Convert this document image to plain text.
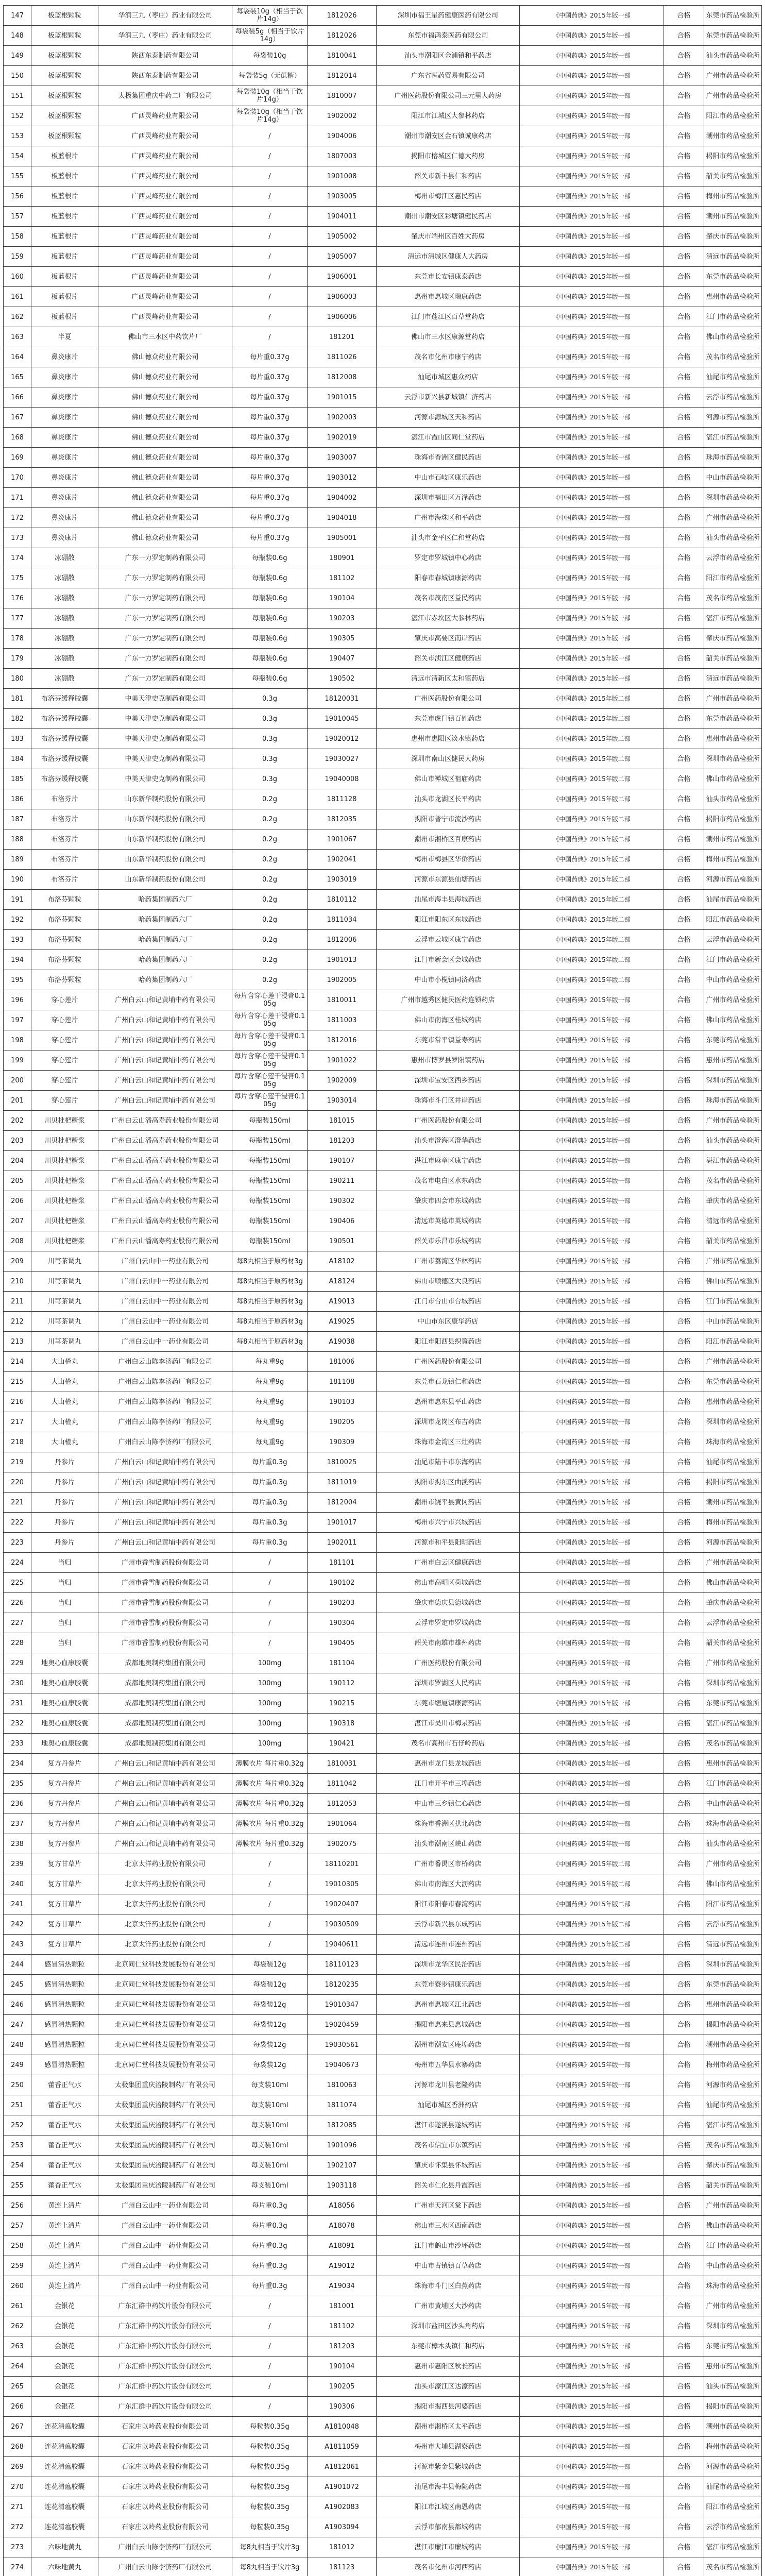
147	板蓝根颗粒	华润三九（枣庄）药业有限公司	每袋装10g（相当于饮片14g）	1812026	深圳市福王星药健康医药有限公司	《中国药典》2015年版一部	合格	东莞市药品检验所
148	板蓝根颗粒	华润三九（枣庄）药业有限公司	每袋装5g（相当于饮片14g）	1812026	东莞市福鸿泰医药有限公司	《中国药典》2015年版一部	合格	东莞市药品检验所
149	板蓝根颗粒	陕西东泰制药有限公司	每袋装10g	1810041	汕头市潮阳区金浦镇和平药店	《中国药典》2015年版一部	合格	汕头市药品检验所
150	板蓝根颗粒	陕西东泰制药有限公司	每袋装5g（无蔗糖）	1812014	广东省医药贸易有限公司	《中国药典》2015年版一部	合格	广州市药品检验所
151	板蓝根颗粒	太极集团重庆中药二厂有限公司	每袋装10g（相当于饮片14g）	1810007	广州医药股份有限公司三元里大药房	《中国药典》2015年版一部	合格	广州市药品检验所
152	板蓝根颗粒	广西灵峰药业有限公司	每袋装10g（相当于饮片14g）	1902002	阳江市江城区大参林药店	《中国药典》2015年版一部	合格	阳江市药品检验所
153	板蓝根颗粒	广西灵峰药业有限公司	/	1904006	潮州市潮安区金石镇诚康药店	《中国药典》2015年版一部	合格	潮州市药品检验所
154	板蓝根片	广西灵峰药业有限公司	/	1807003	揭阳市榕城区仁德大药房	《中国药典》2015年版一部	合格	揭阳市药品检验所
155	板蓝根片	广西灵峰药业有限公司	/	1901008	韶关市新丰县仁和药店	《中国药典》2015年版一部	合格	韶关市药品检验所
156	板蓝根片	广西灵峰药业有限公司	/	1903005	梅州市梅江区惠民药店	《中国药典》2015年版一部	合格	梅州市药品检验所
157	板蓝根片	广西灵峰药业有限公司	/	1904011	潮州市潮安区彩塘镇健民药店	《中国药典》2015年版一部	合格	潮州市药品检验所
158	板蓝根片	广西灵峰药业有限公司	/	1905002	肇庆市端州区百姓大药房	《中国药典》2015年版一部	合格	肇庆市药品检验所
159	板蓝根片	广西灵峰药业有限公司	/	1905007	清远市清城区健康人大药房	《中国药典》2015年版一部	合格	清远市药品检验所
160	板蓝根片	广西灵峰药业有限公司	/	1906001	东莞市长安镇康泰药店	《中国药典》2015年版一部	合格	东莞市药品检验所
161	板蓝根片	广西灵峰药业有限公司	/	1906003	惠州市惠城区瑞康药店	《中国药典》2015年版一部	合格	惠州市药品检验所
162	板蓝根片	广西灵峰药业有限公司	/	1906006	江门市蓬江区百草堂药店	《中国药典》2015年版一部	合格	江门市药品检验所
163	半夏	佛山市三水区中药饮片厂	/	181201	佛山市三水区康源堂药店	《中国药典》2015年版一部	合格	佛山市药品检验所
164	鼻炎康片	佛山德众药业有限公司	每片重0.37g	1811026	茂名市化州市康宁药店	《中国药典》2015年版一部	合格	茂名市药品检验所
165	鼻炎康片	佛山德众药业有限公司	每片重0.37g	1812008	汕尾市城区惠众药店	《中国药典》2015年版一部	合格	汕尾市药品检验所
166	鼻炎康片	佛山德众药业有限公司	每片重0.37g	1901015	云浮市新兴县新城镇仁济药店	《中国药典》2015年版一部	合格	云浮市药品检验所
167	鼻炎康片	佛山德众药业有限公司	每片重0.37g	1902003	河源市源城区天和药店	《中国药典》2015年版一部	合格	河源市药品检验所
168	鼻炎康片	佛山德众药业有限公司	每片重0.37g	1902019	湛江市霞山区同仁堂药店	《中国药典》2015年版一部	合格	湛江市药品检验所
169	鼻炎康片	佛山德众药业有限公司	每片重0.37g	1903007	珠海市香洲区健民药店	《中国药典》2015年版一部	合格	珠海市药品检验所
170	鼻炎康片	佛山德众药业有限公司	每片重0.37g	1903012	中山市石岐区康乐药店	《中国药典》2015年版一部	合格	中山市药品检验所
171	鼻炎康片	佛山德众药业有限公司	每片重0.37g	1904002	深圳市福田区万泽药店	《中国药典》2015年版一部	合格	深圳市药品检验所
172	鼻炎康片	佛山德众药业有限公司	每片重0.37g	1904018	广州市海珠区和平药店	《中国药典》2015年版一部	合格	广州市药品检验所
173	鼻炎康片	佛山德众药业有限公司	每片重0.37g	1905001	汕头市金平区仁和堂药店	《中国药典》2015年版一部	合格	汕头市药品检验所
174	冰硼散	广东一力罗定制药有限公司	每瓶装0.6g	180901	罗定市罗城镇中心药店	《中国药典》2015年版一部	合格	云浮市药品检验所
175	冰硼散	广东一力罗定制药有限公司	每瓶装0.6g	181102	阳春市春城镇康源药店	《中国药典》2015年版一部	合格	阳江市药品检验所
176	冰硼散	广东一力罗定制药有限公司	每瓶装0.6g	190104	茂名市茂南区益民药店	《中国药典》2015年版一部	合格	茂名市药品检验所
177	冰硼散	广东一力罗定制药有限公司	每瓶装0.6g	190203	湛江市赤坎区大参林药店	《中国药典》2015年版一部	合格	湛江市药品检验所
178	冰硼散	广东一力罗定制药有限公司	每瓶装0.6g	190305	肇庆市高要区南岸药店	《中国药典》2015年版一部	合格	肇庆市药品检验所
179	冰硼散	广东一力罗定制药有限公司	每瓶装0.6g	190407	韶关市浈江区健康药店	《中国药典》2015年版一部	合格	韶关市药品检验所
180	冰硼散	广东一力罗定制药有限公司	每瓶装0.6g	190502	清远市清新区太和镇药店	《中国药典》2015年版一部	合格	清远市药品检验所
181	布洛芬缓释胶囊	中美天津史克制药有限公司	0.3g	18120031	广州医药股份有限公司	《中国药典》2015年版二部	合格	广州市药品检验所
182	布洛芬缓释胶囊	中美天津史克制药有限公司	0.3g	19010045	东莞市虎门镇百姓药店	《中国药典》2015年版二部	合格	东莞市药品检验所
183	布洛芬缓释胶囊	中美天津史克制药有限公司	0.3g	19020012	惠州市惠阳区淡水镇药店	《中国药典》2015年版二部	合格	惠州市药品检验所
184	布洛芬缓释胶囊	中美天津史克制药有限公司	0.3g	19030027	深圳市南山区健民大药房	《中国药典》2015年版二部	合格	深圳市药品检验所
185	布洛芬缓释胶囊	中美天津史克制药有限公司	0.3g	19040008	佛山市禅城区祖庙药店	《中国药典》2015年版二部	合格	佛山市药品检验所
186	布洛芬片	山东新华制药股份有限公司	0.2g	1811128	汕头市龙湖区长平药店	《中国药典》2015年版二部	合格	汕头市药品检验所
187	布洛芬片	山东新华制药股份有限公司	0.2g	1812035	揭阳市普宁市流沙药店	《中国药典》2015年版二部	合格	揭阳市药品检验所
188	布洛芬片	山东新华制药股份有限公司	0.2g	1901067	潮州市湘桥区百康药店	《中国药典》2015年版二部	合格	潮州市药品检验所
189	布洛芬片	山东新华制药股份有限公司	0.2g	1902041	梅州市梅县区华侨药店	《中国药典》2015年版二部	合格	梅州市药品检验所
190	布洛芬片	山东新华制药股份有限公司	0.2g	1903019	河源市东源县仙塘药店	《中国药典》2015年版二部	合格	河源市药品检验所
191	布洛芬颗粒	哈药集团制药六厂	0.2g	1810112	汕尾市海丰县海城药店	《中国药典》2015年版二部	合格	汕尾市药品检验所
192	布洛芬颗粒	哈药集团制药六厂	0.2g	1811034	阳江市阳东区东城药店	《中国药典》2015年版二部	合格	阳江市药品检验所
193	布洛芬颗粒	哈药集团制药六厂	0.2g	1812006	云浮市云城区康宁药店	《中国药典》2015年版二部	合格	云浮市药品检验所
194	布洛芬颗粒	哈药集团制药六厂	0.2g	1901013	江门市新会区会城药店	《中国药典》2015年版二部	合格	江门市药品检验所
195	布洛芬颗粒	哈药集团制药六厂	0.2g	1902005	中山市小榄镇同济药店	《中国药典》2015年版二部	合格	中山市药品检验所
196	穿心莲片	广州白云山和记黄埔中药有限公司	每片含穿心莲干浸膏0.105g	1810011	广州市越秀区健民医药连锁药店	《中国药典》2015年版一部	合格	广州市药品检验所
197	穿心莲片	广州白云山和记黄埔中药有限公司	每片含穿心莲干浸膏0.105g	1811003	佛山市南海区桂城药店	《中国药典》2015年版一部	合格	佛山市药品检验所
198	穿心莲片	广州白云山和记黄埔中药有限公司	每片含穿心莲干浸膏0.105g	1812016	东莞市常平镇益寿药店	《中国药典》2015年版一部	合格	东莞市药品检验所
199	穿心莲片	广州白云山和记黄埔中药有限公司	每片含穿心莲干浸膏0.105g	1901022	惠州市博罗县罗阳镇药店	《中国药典》2015年版一部	合格	惠州市药品检验所
200	穿心莲片	广州白云山和记黄埔中药有限公司	每片含穿心莲干浸膏0.105g	1902009	深圳市宝安区西乡药店	《中国药典》2015年版一部	合格	深圳市药品检验所
201	穿心莲片	广州白云山和记黄埔中药有限公司	每片含穿心莲干浸膏0.105g	1903014	珠海市斗门区井岸药店	《中国药典》2015年版一部	合格	珠海市药品检验所
202	川贝枇杷糖浆	广州白云山潘高寿药业股份有限公司	每瓶装150ml	181015	广州医药股份有限公司	《中国药典》2015年版一部	合格	广州市药品检验所
203	川贝枇杷糖浆	广州白云山潘高寿药业股份有限公司	每瓶装150ml	181203	汕头市澄海区澄华药店	《中国药典》2015年版一部	合格	汕头市药品检验所
204	川贝枇杷糖浆	广州白云山潘高寿药业股份有限公司	每瓶装150ml	190107	湛江市麻章区康宁药店	《中国药典》2015年版一部	合格	湛江市药品检验所
205	川贝枇杷糖浆	广州白云山潘高寿药业股份有限公司	每瓶装150ml	190211	茂名市电白区水东药店	《中国药典》2015年版一部	合格	茂名市药品检验所
206	川贝枇杷糖浆	广州白云山潘高寿药业股份有限公司	每瓶装150ml	190302	肇庆市四会市东城药店	《中国药典》2015年版一部	合格	肇庆市药品检验所
207	川贝枇杷糖浆	广州白云山潘高寿药业股份有限公司	每瓶装150ml	190406	清远市英德市英城药店	《中国药典》2015年版一部	合格	清远市药品检验所
208	川贝枇杷糖浆	广州白云山潘高寿药业股份有限公司	每瓶装150ml	190501	韶关市乐昌市乐城药店	《中国药典》2015年版一部	合格	韶关市药品检验所
209	川芎茶调丸	广州白云山中一药业有限公司	每8丸相当于原药材3g	A18102	广州市荔湾区华林药店	《中国药典》2015年版一部	合格	广州市药品检验所
210	川芎茶调丸	广州白云山中一药业有限公司	每8丸相当于原药材3g	A18124	佛山市顺德区大良药店	《中国药典》2015年版一部	合格	佛山市药品检验所
211	川芎茶调丸	广州白云山中一药业有限公司	每8丸相当于原药材3g	A19013	江门市台山市台城药店	《中国药典》2015年版一部	合格	江门市药品检验所
212	川芎茶调丸	广州白云山中一药业有限公司	每8丸相当于原药材3g	A19025	中山市东区康华药店	《中国药典》2015年版一部	合格	中山市药品检验所
213	川芎茶调丸	广州白云山中一药业有限公司	每8丸相当于原药材3g	A19038	阳江市阳西县织篢药店	《中国药典》2015年版一部	合格	阳江市药品检验所
214	大山楂丸	广州白云山陈李济药厂有限公司	每丸重9g	181006	广州医药股份有限公司	《中国药典》2015年版一部	合格	广州市药品检验所
215	大山楂丸	广州白云山陈李济药厂有限公司	每丸重9g	181108	东莞市石龙镇仁和药店	《中国药典》2015年版一部	合格	东莞市药品检验所
216	大山楂丸	广州白云山陈李济药厂有限公司	每丸重9g	190103	惠州市惠东县平山药店	《中国药典》2015年版一部	合格	惠州市药品检验所
217	大山楂丸	广州白云山陈李济药厂有限公司	每丸重9g	190205	深圳市龙岗区布吉药店	《中国药典》2015年版一部	合格	深圳市药品检验所
218	大山楂丸	广州白云山陈李济药厂有限公司	每丸重9g	190309	珠海市金湾区三灶药店	《中国药典》2015年版一部	合格	珠海市药品检验所
219	丹参片	广州白云山和记黄埔中药有限公司	每片重0.3g	1810025	汕尾市陆丰市东海药店	《中国药典》2015年版一部	合格	汕尾市药品检验所
220	丹参片	广州白云山和记黄埔中药有限公司	每片重0.3g	1811019	揭阳市揭东区曲溪药店	《中国药典》2015年版一部	合格	揭阳市药品检验所
221	丹参片	广州白云山和记黄埔中药有限公司	每片重0.3g	1812004	潮州市饶平县黄冈药店	《中国药典》2015年版一部	合格	潮州市药品检验所
222	丹参片	广州白云山和记黄埔中药有限公司	每片重0.3g	1901017	梅州市兴宁市兴城药店	《中国药典》2015年版一部	合格	梅州市药品检验所
223	丹参片	广州白云山和记黄埔中药有限公司	每片重0.3g	1902011	河源市和平县阳明药店	《中国药典》2015年版一部	合格	河源市药品检验所
224	当归	广州市香雪制药股份有限公司	/	181101	广州市白云区健康药店	《中国药典》2015年版一部	合格	广州市药品检验所
225	当归	广州市香雪制药股份有限公司	/	190102	佛山市高明区荷城药店	《中国药典》2015年版一部	合格	佛山市药品检验所
226	当归	广州市香雪制药股份有限公司	/	190203	肇庆市德庆县德城药店	《中国药典》2015年版一部	合格	肇庆市药品检验所
227	当归	广州市香雪制药股份有限公司	/	190304	云浮市罗定市罗城药店	《中国药典》2015年版一部	合格	云浮市药品检验所
228	当归	广州市香雪制药股份有限公司	/	190405	韶关市南雄市雄州药店	《中国药典》2015年版一部	合格	韶关市药品检验所
229	地奥心血康胶囊	成都地奥制药集团有限公司	100mg	181104	广州医药股份有限公司	《中国药典》2015年版一部	合格	广州市药品检验所
230	地奥心血康胶囊	成都地奥制药集团有限公司	100mg	190112	深圳市罗湖区人民药店	《中国药典》2015年版一部	合格	深圳市药品检验所
231	地奥心血康胶囊	成都地奥制药集团有限公司	100mg	190215	东莞市塘厦镇康源药店	《中国药典》2015年版一部	合格	东莞市药品检验所
232	地奥心血康胶囊	成都地奥制药集团有限公司	100mg	190318	湛江市吴川市梅录药店	《中国药典》2015年版一部	合格	湛江市药品检验所
233	地奥心血康胶囊	成都地奥制药集团有限公司	100mg	190421	茂名市高州市石仔岭药店	《中国药典》2015年版一部	合格	茂名市药品检验所
234	复方丹参片	广州白云山和记黄埔中药有限公司	薄膜衣片 每片重0.32g	1810031	惠州市龙门县龙城药店	《中国药典》2015年版一部	合格	惠州市药品检验所
235	复方丹参片	广州白云山和记黄埔中药有限公司	薄膜衣片 每片重0.32g	1811042	江门市开平市三埠药店	《中国药典》2015年版一部	合格	江门市药品检验所
236	复方丹参片	广州白云山和记黄埔中药有限公司	薄膜衣片 每片重0.32g	1812053	中山市三乡镇仁心药店	《中国药典》2015年版一部	合格	中山市药品检验所
237	复方丹参片	广州白云山和记黄埔中药有限公司	薄膜衣片 每片重0.32g	1901064	珠海市香洲区拱北药店	《中国药典》2015年版一部	合格	珠海市药品检验所
238	复方丹参片	广州白云山和记黄埔中药有限公司	薄膜衣片 每片重0.32g	1902075	汕头市潮南区峡山药店	《中国药典》2015年版一部	合格	汕头市药品检验所
239	复方甘草片	北京太洋药业股份有限公司	/	18110201	广州市番禺区市桥药店	《中国药典》2015年版二部	合格	广州市药品检验所
240	复方甘草片	北京太洋药业股份有限公司	/	19010305	佛山市南海区大沥药店	《中国药典》2015年版二部	合格	佛山市药品检验所
241	复方甘草片	北京太洋药业股份有限公司	/	19020407	阳江市阳春市春湾药店	《中国药典》2015年版二部	合格	阳江市药品检验所
242	复方甘草片	北京太洋药业股份有限公司	/	19030509	云浮市新兴县东成药店	《中国药典》2015年版二部	合格	云浮市药品检验所
243	复方甘草片	北京太洋药业股份有限公司	/	19040611	清远市连州市连州药店	《中国药典》2015年版二部	合格	清远市药品检验所
244	感冒清热颗粒	北京同仁堂科技发展股份有限公司	每袋装12g	18110123	深圳市龙华区民治药店	《中国药典》2015年版一部	合格	深圳市药品检验所
245	感冒清热颗粒	北京同仁堂科技发展股份有限公司	每袋装12g	18120235	东莞市寮步镇康乐药店	《中国药典》2015年版一部	合格	东莞市药品检验所
246	感冒清热颗粒	北京同仁堂科技发展股份有限公司	每袋装12g	19010347	惠州市惠城区江北药店	《中国药典》2015年版一部	合格	惠州市药品检验所
247	感冒清热颗粒	北京同仁堂科技发展股份有限公司	每袋装12g	19020459	揭阳市惠来县惠城药店	《中国药典》2015年版一部	合格	揭阳市药品检验所
248	感冒清热颗粒	北京同仁堂科技发展股份有限公司	每袋装12g	19030561	潮州市潮安区庵埠药店	《中国药典》2015年版一部	合格	潮州市药品检验所
249	感冒清热颗粒	北京同仁堂科技发展股份有限公司	每袋装12g	19040673	梅州市五华县水寨药店	《中国药典》2015年版一部	合格	梅州市药品检验所
250	藿香正气水	太极集团重庆涪陵制药厂有限公司	每支装10ml	1810063	河源市龙川县老隆药店	《中国药典》2015年版一部	合格	河源市药品检验所
251	藿香正气水	太极集团重庆涪陵制药厂有限公司	每支装10ml	1811074	汕尾市城区香洲药店	《中国药典》2015年版一部	合格	汕尾市药品检验所
252	藿香正气水	太极集团重庆涪陵制药厂有限公司	每支装10ml	1812085	湛江市遂溪县遂城药店	《中国药典》2015年版一部	合格	湛江市药品检验所
253	藿香正气水	太极集团重庆涪陵制药厂有限公司	每支装10ml	1901096	茂名市信宜市东镇药店	《中国药典》2015年版一部	合格	茂名市药品检验所
254	藿香正气水	太极集团重庆涪陵制药厂有限公司	每支装10ml	1902107	肇庆市怀集县怀城药店	《中国药典》2015年版一部	合格	肇庆市药品检验所
255	藿香正气水	太极集团重庆涪陵制药厂有限公司	每支装10ml	1903118	韶关市仁化县丹霞药店	《中国药典》2015年版一部	合格	韶关市药品检验所
256	黄连上清片	广州白云山中一药业有限公司	每片重0.3g	A18056	广州市天河区棠下药店	《中国药典》2015年版一部	合格	广州市药品检验所
257	黄连上清片	广州白云山中一药业有限公司	每片重0.3g	A18078	佛山市三水区西南药店	《中国药典》2015年版一部	合格	佛山市药品检验所
258	黄连上清片	广州白云山中一药业有限公司	每片重0.3g	A18091	江门市鹤山市沙坪药店	《中国药典》2015年版一部	合格	江门市药品检验所
259	黄连上清片	广州白云山中一药业有限公司	每片重0.3g	A19012	中山市古镇镇百草药店	《中国药典》2015年版一部	合格	中山市药品检验所
260	黄连上清片	广州白云山中一药业有限公司	每片重0.3g	A19034	珠海市斗门区白蕉药店	《中国药典》2015年版一部	合格	珠海市药品检验所
261	金银花	广东汇群中药饮片股份有限公司	/	181001	广州市黄埔区大沙药店	《中国药典》2015年版一部	合格	广州市药品检验所
262	金银花	广东汇群中药饮片股份有限公司	/	181102	深圳市盐田区沙头角药店	《中国药典》2015年版一部	合格	深圳市药品检验所
263	金银花	广东汇群中药饮片股份有限公司	/	181203	东莞市樟木头镇仁和药店	《中国药典》2015年版一部	合格	东莞市药品检验所
264	金银花	广东汇群中药饮片股份有限公司	/	190104	惠州市惠阳区秋长药店	《中国药典》2015年版一部	合格	惠州市药品检验所
265	金银花	广东汇群中药饮片股份有限公司	/	190205	汕头市濠江区达濠药店	《中国药典》2015年版一部	合格	汕头市药品检验所
266	金银花	广东汇群中药饮片股份有限公司	/	190306	揭阳市揭西县河婆药店	《中国药典》2015年版一部	合格	揭阳市药品检验所
267	连花清瘟胶囊	石家庄以岭药业股份有限公司	每粒装0.35g	A1810048	潮州市湘桥区太平药店	《中国药典》2015年版一部	合格	潮州市药品检验所
268	连花清瘟胶囊	石家庄以岭药业股份有限公司	每粒装0.35g	A1811059	梅州市大埔县湖寮药店	《中国药典》2015年版一部	合格	梅州市药品检验所
269	连花清瘟胶囊	石家庄以岭药业股份有限公司	每粒装0.35g	A1812061	河源市紫金县紫城药店	《中国药典》2015年版一部	合格	河源市药品检验所
270	连花清瘟胶囊	石家庄以岭药业股份有限公司	每粒装0.35g	A1901072	汕尾市海丰县梅陇药店	《中国药典》2015年版一部	合格	汕尾市药品检验所
271	连花清瘟胶囊	石家庄以岭药业股份有限公司	每粒装0.35g	A1902083	阳江市江城区南恩药店	《中国药典》2015年版一部	合格	阳江市药品检验所
272	连花清瘟胶囊	石家庄以岭药业股份有限公司	每粒装0.35g	A1903094	云浮市郁南县都城药店	《中国药典》2015年版一部	合格	云浮市药品检验所
273	六味地黄丸	广州白云山陈李济药厂有限公司	每8丸相当于饮片3g	181012	湛江市廉江市廉城药店	《中国药典》2015年版一部	合格	湛江市药品检验所
274	六味地黄丸	广州白云山陈李济药厂有限公司	每8丸相当于饮片3g	181123	茂名市化州市河西药店	《中国药典》2015年版一部	合格	茂名市药品检验所
